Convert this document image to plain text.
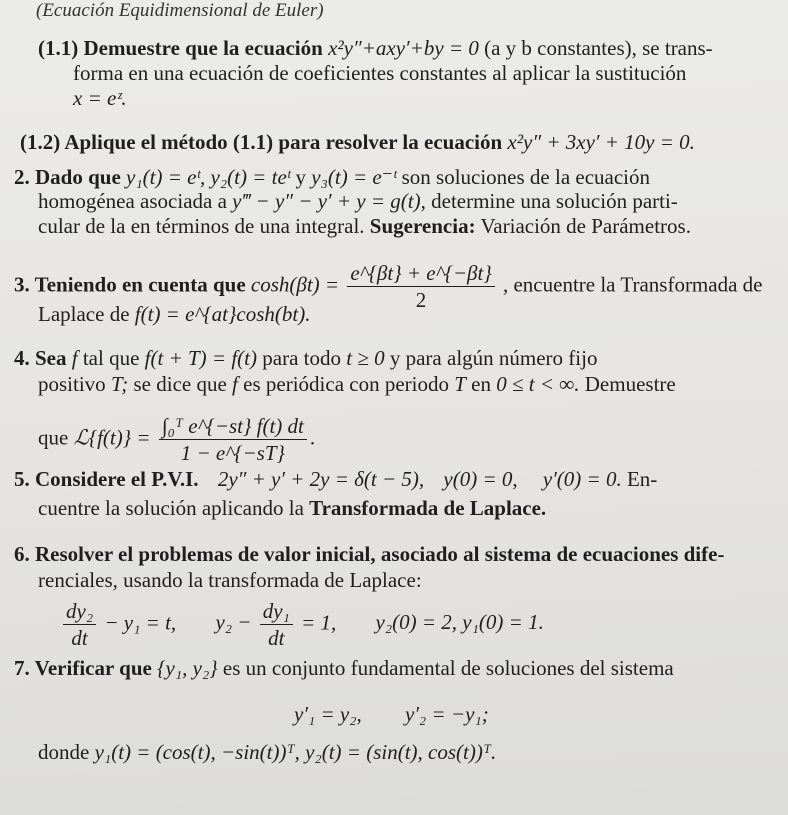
(Ecuación Equidimensional de Euler)
(1.1) Demuestre que la ecuación x²y″+axy′+by = 0 (a y b constantes), se trans-
forma en una ecuación de coeficientes constantes al aplicar la sustitución
x = eᶻ.
(1.2) Aplique el método (1.1) para resolver la ecuación x²y″ + 3xy′ + 10y = 0.
2. Dado que y₁(t) = eᵗ, y₂(t) = teᵗ y y₃(t) = e⁻ᵗ son soluciones de la ecuación
homogénea asociada a y‴ − y″ − y′ + y = g(t), determine una solución parti-
cular de la en términos de una integral. Sugerencia: Variación de Parámetros.
3. Teniendo en cuenta que $\cosh(\beta t) = \frac{e\^{}\{\beta t\} + e\^{}\{-\beta t\}}{2}$ , encuentre la Transformada de
Laplace de f(t) = e^{at}cosh(bt).
4. Sea f tal que f(t + T) = f(t) para todo t ≥ 0 y para algún número fijo
positivo T; se dice que f es periódica con periodo T en 0 ≤ t < ∞. Demuestre
que ℒ{f(t)} = $\frac{\text{∫₀ᵀ e\textasciicircum{}\{−st\} f(t) dt}}{1 - e\^{}\{-sT\}}$ .
5. Considere el P.V.I. 2y″ + y′ + 2y = δ(t − 5), y(0) = 0, y′(0) = 0. En-
cuentre la solución aplicando la Transformada de Laplace.
6. Resolver el problemas de valor inicial, asociado al sistema de ecuaciones dife-
renciales, usando la transformada de Laplace:
$\frac{\text{dy₂}}{dt} - y_1 = t$, $y_2 - \frac{\text{dy₁}}{dt} = 1$, y₂(0) = 2, y₁(0) = 1.
7. Verificar que {y₁, y₂} es un conjunto fundamental de soluciones del sistema
y′₁ = y₂, y′₂ = −y₁;
donde y₁(t) = (cos(t), −sin(t))ᵀ, y₂(t) = (sin(t), cos(t))ᵀ.
